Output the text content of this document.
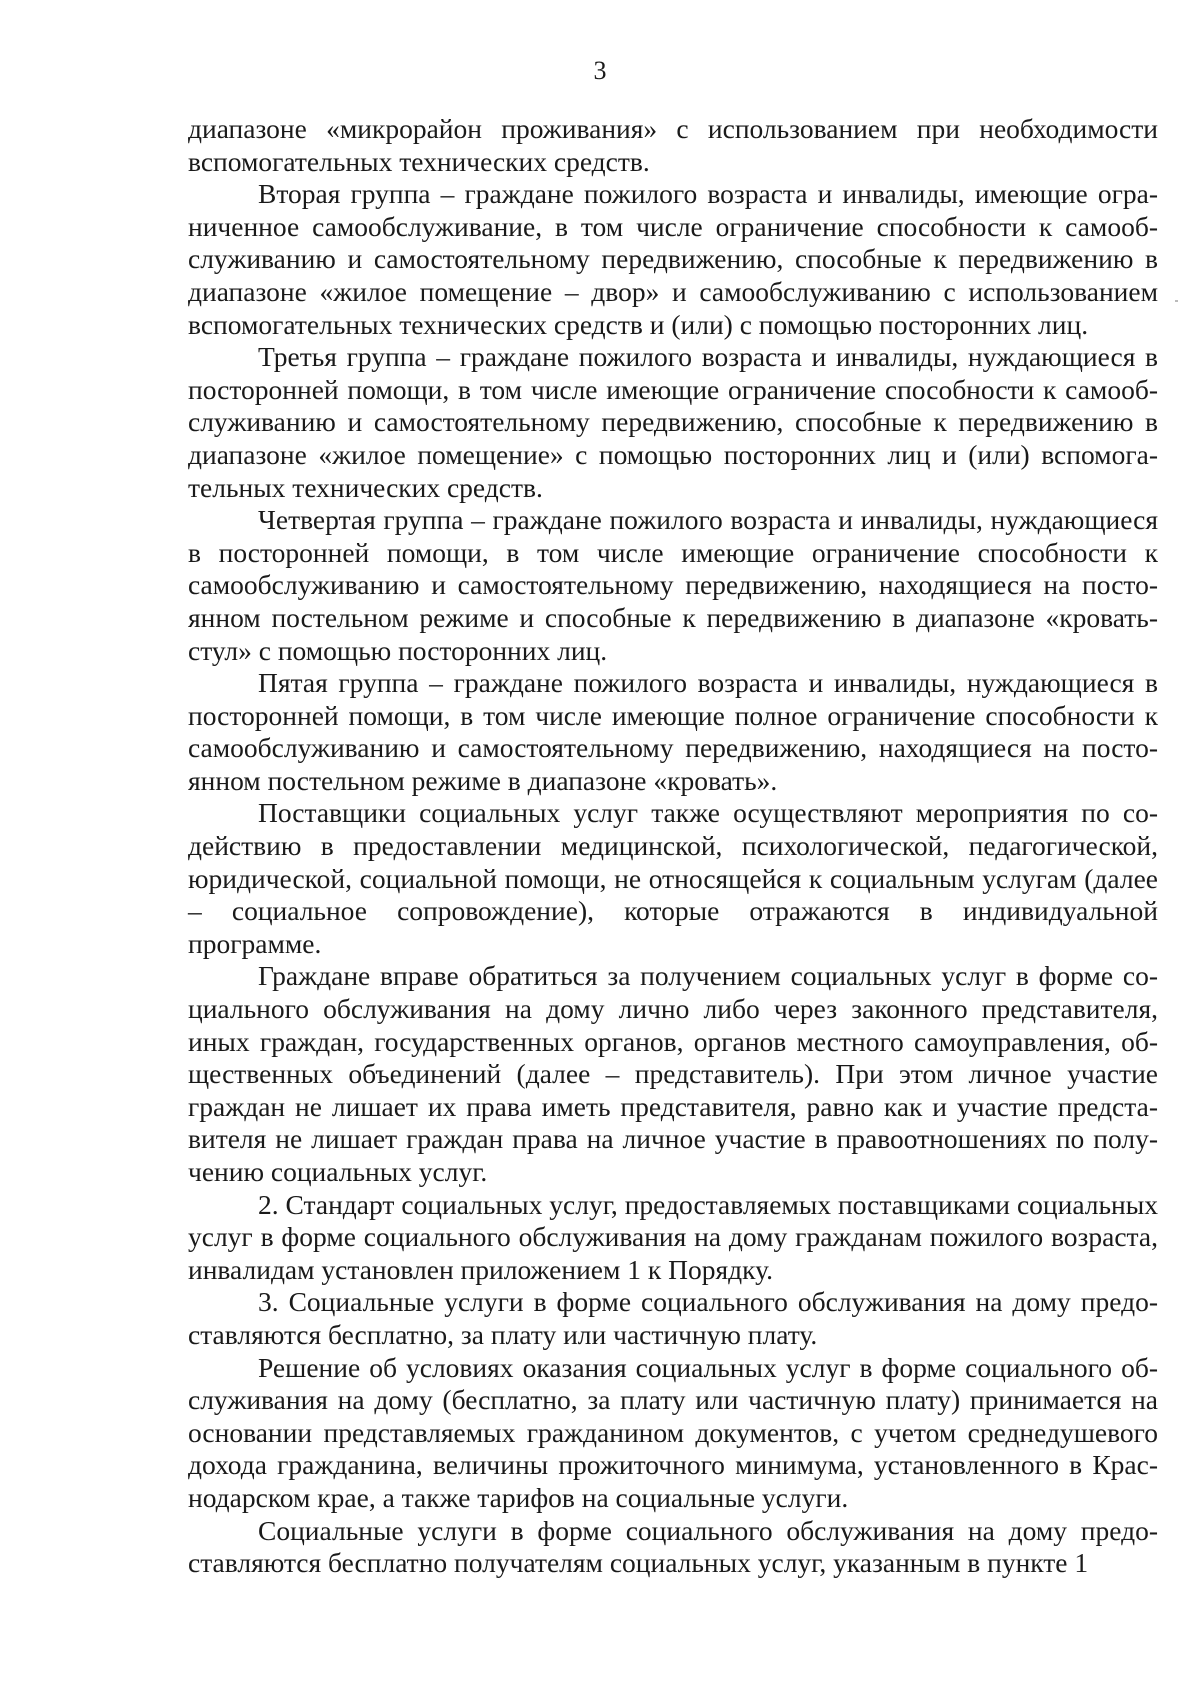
3

диапазоне «микрорайон проживания» с использованием при необходимости вспомогательных технических средств.

Вторая группа – граждане пожилого возраста и инвалиды, имеющие ограниченное самообслуживание, в том числе ограничение способности к самообслуживанию и самостоятельному передвижению, способные к передвижению в диапазоне «жилое помещение – двор» и самообслуживанию с использованием вспомогательных технических средств и (или) с помощью посторонних лиц.

Третья группа – граждане пожилого возраста и инвалиды, нуждающиеся в посторонней помощи, в том числе имеющие ограничение способности к самообслуживанию и самостоятельному передвижению, способные к передвижению в диапазоне «жилое помещение» с помощью посторонних лиц и (или) вспомогательных технических средств.

Четвертая группа – граждане пожилого возраста и инвалиды, нуждающиеся в посторонней помощи, в том числе имеющие ограничение способности к самообслуживанию и самостоятельному передвижению, находящиеся на постоянном постельном режиме и способные к передвижению в диапазоне «кровать-стул» с помощью посторонних лиц.

Пятая группа – граждане пожилого возраста и инвалиды, нуждающиеся в посторонней помощи, в том числе имеющие полное ограничение способности к самообслуживанию и самостоятельному передвижению, находящиеся на постоянном постельном режиме в диапазоне «кровать».

Поставщики социальных услуг также осуществляют мероприятия по содействию в предоставлении медицинской, психологической, педагогической, юридической, социальной помощи, не относящейся к социальным услугам (далее – социальное сопровождение), которые отражаются в индивидуальной программе.

Граждане вправе обратиться за получением социальных услуг в форме социального обслуживания на дому лично либо через законного представителя, иных граждан, государственных органов, органов местного самоуправления, общественных объединений (далее – представитель). При этом личное участие граждан не лишает их права иметь представителя, равно как и участие представителя не лишает граждан права на личное участие в правоотношениях по получению социальных услуг.

2. Стандарт социальных услуг, предоставляемых поставщиками социальных услуг в форме социального обслуживания на дому гражданам пожилого возраста, инвалидам установлен приложением 1 к Порядку.

3. Социальные услуги в форме социального обслуживания на дому предоставляются бесплатно, за плату или частичную плату.

Решение об условиях оказания социальных услуг в форме социального обслуживания на дому (бесплатно, за плату или частичную плату) принимается на основании представляемых гражданином документов, с учетом среднедушевого дохода гражданина, величины прожиточного минимума, установленного в Краснодарском крае, а также тарифов на социальные услуги.

Социальные услуги в форме социального обслуживания на дому предоставляются бесплатно получателям социальных услуг, указанным в пункте 1
